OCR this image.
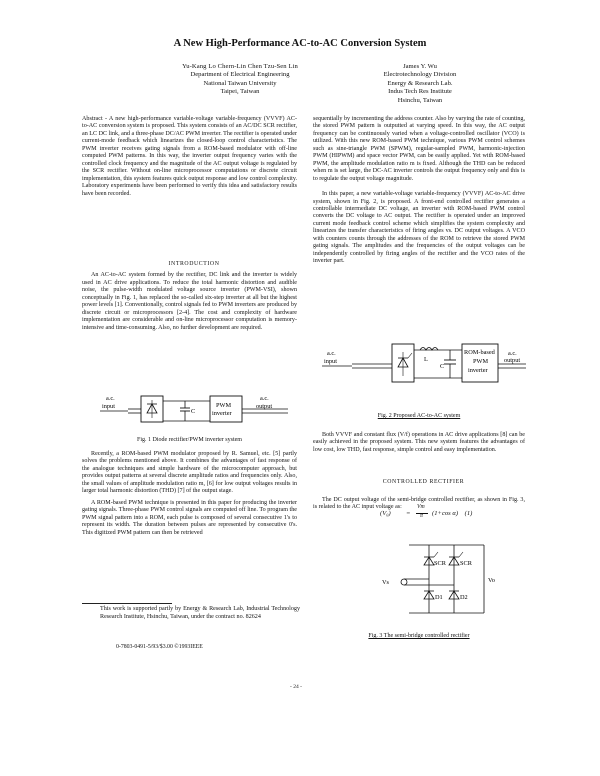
A New High-Performance AC-to-AC Conversion System
Yu-Kang Lo Chern-Lin Chen Tzu-Sen Lin
Department of Electrical Engineering
National Taiwan University
Taipei, Taiwan
James Y. Wu
Electrotechnology Division
Energy & Research Lab.
Indus Tech Res Institute
Hsinchu, Taiwan

Abstract - A new high-performance variable-voltage variable-frequency (VVVF) AC-to-AC conversion system is proposed. This system consists of an AC/DC SCR rectifier, an LC DC link, and a three-phase DC/AC PWM inverter. The rectifier is operated under current-mode feedback which linearizes the closed-loop control characteristics. The PWM inverter receives gating signals from a ROM-based modulator with off-line computed PWM patterns. In this way, the inverter output frequency varies with the controlled clock frequency and the magnitude of the AC output voltage is regulated by the SCR rectifier. Without on-line microprocessor computations or discrete circuit implementation, this system features quick output response and low control complexity. Laboratory experiments have been performed to verify this idea and satisfactory results have been recorded.

INTRODUCTION

An AC-to-AC system formed by the rectifier, DC link and the inverter is widely used in AC drive applications. To reduce the total harmonic distortion and audible noise, the pulse-width modulated voltage source inverter (PWM-VSI), shown conceptually in Fig. 1, has replaced the so-called six-step inverter at all but the highest power levels [1]. Conventionally, control signals fed to PWM inverters are produced by discrete circuit or microprocessors [2-4]. The cost and complexity of hardware implementation are considerable and on-line microprocessor computation is memory-intensive and time-consuming. Also, no further development are required.

a.c.
input
C
PWM
inverter
a.c.
output
Fig. 1 Diode rectifier/PWM inverter system

Recently, a ROM-based PWM modulator proposed by R. Samuel, etc. [5] partly solves the problems mentioned above. It combines the advantages of fast response of the analogue techniques and simple hardware of the microcomputer approach, but provides output patterns at several discrete amplitude ratios and frequencies only. Also, the small values of amplitude modulation ratio m, [6] for low output voltages results in larger total harmonic distortion (THD) [7] of the output stage.

A ROM-based PWM technique is presented in this paper for producing the inverter gating signals. Three-phase PWM control signals are computed off line. To program the PWM signal pattern into a ROM, each pulse is composed of several consecutive 1's to represent its width. The duration between pulses are represented by consecutive 0's. This digitized PWM pattern can then be retrieved

This work is supported partly by Energy & Research Lab, Industrial Technology Research Institute, Hsinchu, Taiwan, under the contract no. 82624
0-7803-0491-5/93/$3.00 ©1993IEEE

sequentially by incrementing the address counter. Also by varying the rate of counting, the stored PWM pattern is outputted at varying speed. In this way, the AC output frequency can be continuously varied when a voltage-controlled oscillator (VCO) is utilized. With this new ROM-based PWM technique, various PWM control schemes such as sine-triangle PWM (SPWM), regular-sampled PWM, harmonic-injection PWM (HIPWM) and space vector PWM, can be easily applied. Yet with ROM-based PWM, the amplitude modulation ratio m is fixed. Although the THD can be reduced when m is set large, the DC-AC inverter controls the output frequency only and this is to regulate the output voltage magnitude.

In this paper, a new variable-voltage variable-frequency (VVVF) AC-to-AC drive system, shown in Fig. 2, is proposed. A front-end controlled rectifier generates a controllable intermediate DC voltage, an inverter with ROM-based PWM control converts the DC voltage to AC output. The rectifier is operated under an improved current mode feedback control scheme which simplifies the system complexity and linearizes the transfer characteristics of firing angles vs. DC output voltages. A VCO with counters counts through the addresses of the ROM to retrieve the stored PWM gating signals. The amplitudes and the frequencies of the output voltages can be independently controlled by firing angles of the rectifier and the VCO rates of the inverter part.

a.c.
input	L
C
ROM-based
PWM
inverter
a.c.
output
Fig. 2 Proposed AC-to-AC system

Both VVVF and constant flux (V/f) operations in AC drive applications [8] can be easily achieved in the proposed system. This new system features the advantages of low cost, low THD, fast response, simple control and easy implementation.

CONTROLLED RECTIFIER

The DC output voltage of the semi-bridge controlled rectifier, as shown in Fig. 3, is related to the AC input voltage as:

(V₀) =
Vm
π (1+cos α)    (1)
SCR SCR
D1	D2
Vs	Vo
Fig. 3 The semi-bridge controlled rectifier
- 24 -
